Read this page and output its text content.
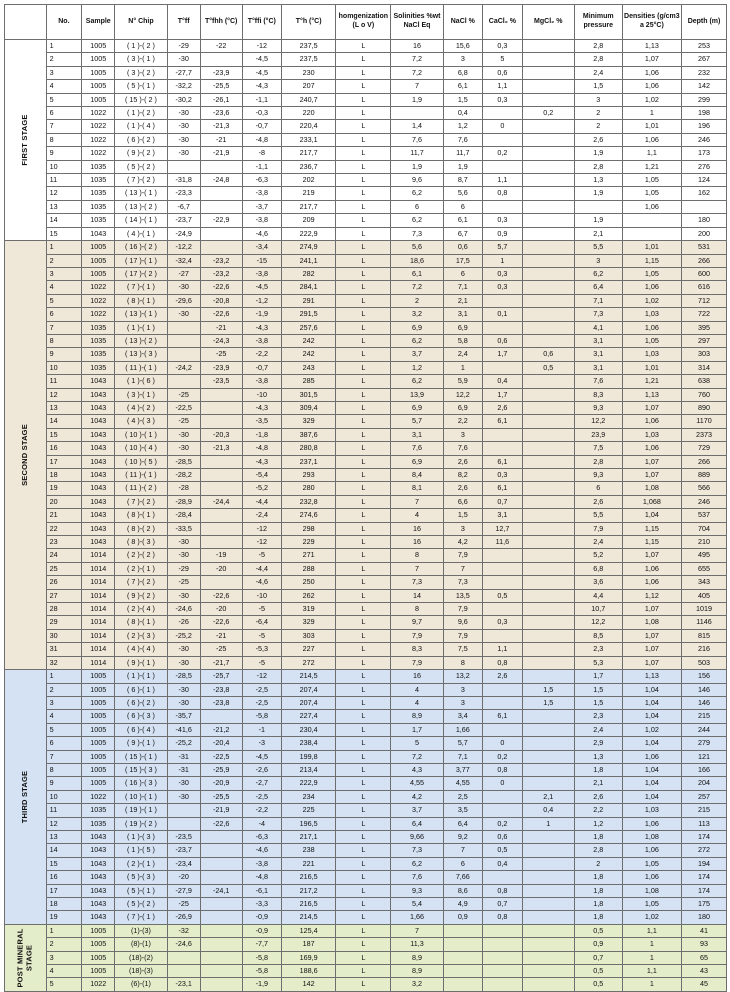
	No.	Sample	N° Chip	T°ff	T°fhh (°C)	T°ffi (°C)	T°h (°C)	homgenization (L o V)	Solinities %wt NaCl Eq	NaCl %	CaCl₂ %	MgCl₂ %	Minimum pressure	Densities (g/cm3 a 25°C)	Depth (m)

FIRST STAGE	1	1005	( 1 )-( 2 )	-29	-22	-12	237,5	L	16	15,6	0,3		2,8	1,13	253
	2	1005	( 3 )-( 1 )	-30		-4,5	237,5	L	7,2	3	5		2,8	1,07	267
	3	1005	( 3 )-( 2 )	-27,7	-23,9	-4,5	230	L	7,2	6,8	0,6		2,4	1,06	232
	4	1005	( 5 )-( 1 )	-32,2	-25,5	-4,3	207	L	7	6,1	1,1		1,5	1,06	142
	5	1005	( 15 )-( 2 )	-30,2	-26,1	-1,1	240,7	L	1,9	1,5	0,3		3	1,02	299
	6	1022	( 1 )-( 2 )	-30	-23,6	-0,3	220	L		0,4		0,2	2	1	198
	7	1022	( 1 )-( 4 )	-30	-21,3	-0,7	220,4	L	1,4	1,2	0		2	1,01	196
	8	1022	( 6 )-( 2 )	-30	-21	-4,8	233,1	L	7,6	7,6			2,6	1,06	246
	9	1022	( 9 )-( 2 )	-30	-21,9	-8	217,7	L	11,7	11,7	0,2		1,9	1,1	173
	10	1035	( 5 )-( 2 )			-1,1	236,7	L	1,9	1,9			2,8	1,21	276
	11	1035	( 7 )-( 2 )	-31,8	-24,8	-6,3	202	L	9,6	8,7	1,1		1,3	1,05	124
	12	1035	( 13 )-( 1 )	-23,3		-3,8	219	L	6,2	5,6	0,8		1,9	1,05	162
	13	1035	( 13 )-( 2 )	-6,7		-3,7	217,7	L	6	6				1,06	
	14	1035	( 14 )-( 1 )	-23,7	-22,9	-3,8	209	L	6,2	6,1	0,3		1,9		180
	15	1043	( 4 )-( 1 )	-24,9		-4,6	222,9	L	7,3	6,7	0,9		2,1		200

SECOND STAGE	1	1005	( 16 )-( 2 )	-12,2		-3,4	274,9	L	5,6	0,6	5,7		5,5	1,01	531
	2	1005	( 17 )-( 1 )	-32,4	-23,2	-15	241,1	L	18,6	17,5	1		3	1,15	266
	3	1005	( 17 )-( 2 )	-27	-23,2	-3,8	282	L	6,1	6	0,3		6,2	1,05	600
	4	1022	( 7 )-( 1 )	-30	-22,6	-4,5	284,1	L	7,2	7,1	0,3		6,4	1,06	616
	5	1022	( 8 )-( 1 )	-29,6	-20,8	-1,2	291	L	2	2,1			7,1	1,02	712
	6	1022	( 13 )-( 1 )	-30	-22,6	-1,9	291,5	L	3,2	3,1	0,1		7,3	1,03	722
	7	1035	( 1 )-( 1 )		-21	-4,3	257,6	L	6,9	6,9			4,1	1,06	395
	8	1035	( 13 )-( 2 )		-24,3	-3,8	242	L	6,2	5,8	0,6		3,1	1,05	297
	9	1035	( 13 )-( 3 )		-25	-2,2	242	L	3,7	2,4	1,7	0,6	3,1	1,03	303
	10	1035	( 11 )-( 1 )	-24,2	-23,9	-0,7	243	L	1,2	1		0,5	3,1	1,01	314
	11	1043	( 1 )-( 6 )		-23,5	-3,8	285	L	6,2	5,9	0,4		7,6	1,21	638
	12	1043	( 3 )-( 1 )	-25		-10	301,5	L	13,9	12,2	1,7		8,3	1,13	760
	13	1043	( 4 )-( 2 )	-22,5		-4,3	309,4	L	6,9	6,9	2,6		9,3	1,07	890
	14	1043	( 4 )-( 3 )	-25		-3,5	329	L	5,7	2,2	6,1		12,2	1,06	1170
	15	1043	( 10 )-( 1 )	-30	-20,3	-1,8	387,6	L	3,1	3			23,9	1,03	2373
	16	1043	( 10 )-( 4 )	-30	-21,3	-4,8	280,8	L	7,6	7,6			7,5	1,06	729
	17	1043	( 10 )-( 5 )	-28,5		-4,3	237,1	L	6,9	2,6	6,1		2,8	1,07	266
	18	1043	( 11 )-( 1 )	-28,2		-5,4	293	L	8,4	8,2	0,3		9,3	1,07	889
	19	1043	( 11 )-( 2 )	-28		-5,2	280	L	8,1	2,6	6,1		6	1,08	566
	20	1043	( 7 )-( 2 )	-28,9	-24,4	-4,4	232,8	L	7	6,6	0,7		2,6	1,068	246
	21	1043	( 8 )-( 1 )	-28,4		-2,4	274,6	L	4	1,5	3,1		5,5	1,04	537
	22	1043	( 8 )-( 2 )	-33,5		-12	298	L	16	3	12,7		7,9	1,15	704
	23	1043	( 8 )-( 3 )	-30		-12	229	L	16	4,2	11,6		2,4	1,15	210
	24	1014	( 2 )-( 2 )	-30	-19	-5	271	L	8	7,9			5,2	1,07	495
	25	1014	( 2 )-( 1 )	-29	-20	-4,4	288	L	7	7			6,8	1,06	655
	26	1014	( 7 )-( 2 )	-25		-4,6	250	L	7,3	7,3			3,6	1,06	343
	27	1014	( 9 )-( 2 )	-30	-22,6	-10	262	L	14	13,5	0,5		4,4	1,12	405
	28	1014	( 2 )-( 4 )	-24,6	-20	-5	319	L	8	7,9			10,7	1,07	1019
	29	1014	( 8 )-( 1 )	-26	-22,6	-6,4	329	L	9,7	9,6	0,3		12,2	1,08	1146
	30	1014	( 2 )-( 3 )	-25,2	-21	-5	303	L	7,9	7,9			8,5	1,07	815
	31	1014	( 4 )-( 4 )	-30	-25	-5,3	227	L	8,3	7,5	1,1		2,3	1,07	216
	32	1014	( 9 )-( 1 )	-30	-21,7	-5	272	L	7,9	8	0,8		5,3	1,07	503

THIRD STAGE	1	1005	( 1 )-( 1 )	-28,5	-25,7	-12	214,5	L	16	13,2	2,6		1,7	1,13	156
	2	1005	( 6 )-( 1 )	-30	-23,8	-2,5	207,4	L	4	3		1,5	1,5	1,04	146
	3	1005	( 6 )-( 2 )	-30	-23,8	-2,5	207,4	L	4	3		1,5	1,5	1,04	146
	4	1005	( 6 )-( 3 )	-35,7		-5,8	227,4	L	8,9	3,4	6,1		2,3	1,04	215
	5	1005	( 6 )-( 4 )	-41,6	-21,2	-1	230,4	L	1,7	1,66			2,4	1,02	244
	6	1005	( 9 )-( 1 )	-25,2	-20,4	-3	238,4	L	5	5,7	0		2,9	1,04	279
	7	1005	( 15 )-( 1 )	-31	-22,5	-4,5	199,8	L	7,2	7,1	0,2		1,3	1,06	121
	8	1005	( 15 )-( 3 )	-31	-25,9	-2,6	213,4	L	4,3	3,77	0,8		1,8	1,04	166
	9	1005	( 16 )-( 3 )	-30	-20,9	-2,7	222,9	L	4,55	4,55	0		2,1	1,04	204
	10	1022	( 10 )-( 1 )	-30	-25,5	-2,5	234	L	4,2	2,5		2,1	2,6	1,04	257
	11	1035	( 19 )-( 1 )		-21,9	-2,2	225	L	3,7	3,5		0,4	2,2	1,03	215
	12	1035	( 19 )-( 2 )		-22,6	-4	196,5	L	6,4	6,4	0,2	1	1,2	1,06	113
	13	1043	( 1 )-( 3 )	-23,5		-6,3	217,1	L	9,66	9,2	0,6		1,8	1,08	174
	14	1043	( 1 )-( 5 )	-23,7		-4,6	238	L	7,3	7	0,5		2,8	1,06	272
	15	1043	( 2 )-( 1 )	-23,4		-3,8	221	L	6,2	6	0,4		2	1,05	194
	16	1043	( 5 )-( 3 )	-20		-4,8	216,5	L	7,6	7,66			1,8	1,06	174
	17	1043	( 5 )-( 1 )	-27,9	-24,1	-6,1	217,2	L	9,3	8,6	0,8		1,8	1,08	174
	18	1043	( 5 )-( 2 )	-25		-3,3	216,5	L	5,4	4,9	0,7		1,8	1,05	175
	19	1043	( 7 )-( 1 )	-26,9		-0,9	214,5	L	1,66	0,9	0,8		1,8	1,02	180

POST MINERAL STAGE	1	1005	(1)-(3)	-32		-0,9	125,4	L	7				0,5	1,1	41
	2	1005	(8)-(1)	-24,6		-7,7	187	L	11,3				0,9	1	93
	3	1005	(18)-(2)			-5,8	169,9	L	8,9				0,7	1	65
	4	1005	(18)-(3)			-5,8	188,6	L	8,9				0,5	1,1	43
	5	1022	(6)-(1)	-23,1		-1,9	142	L	3,2				0,5	1	45
